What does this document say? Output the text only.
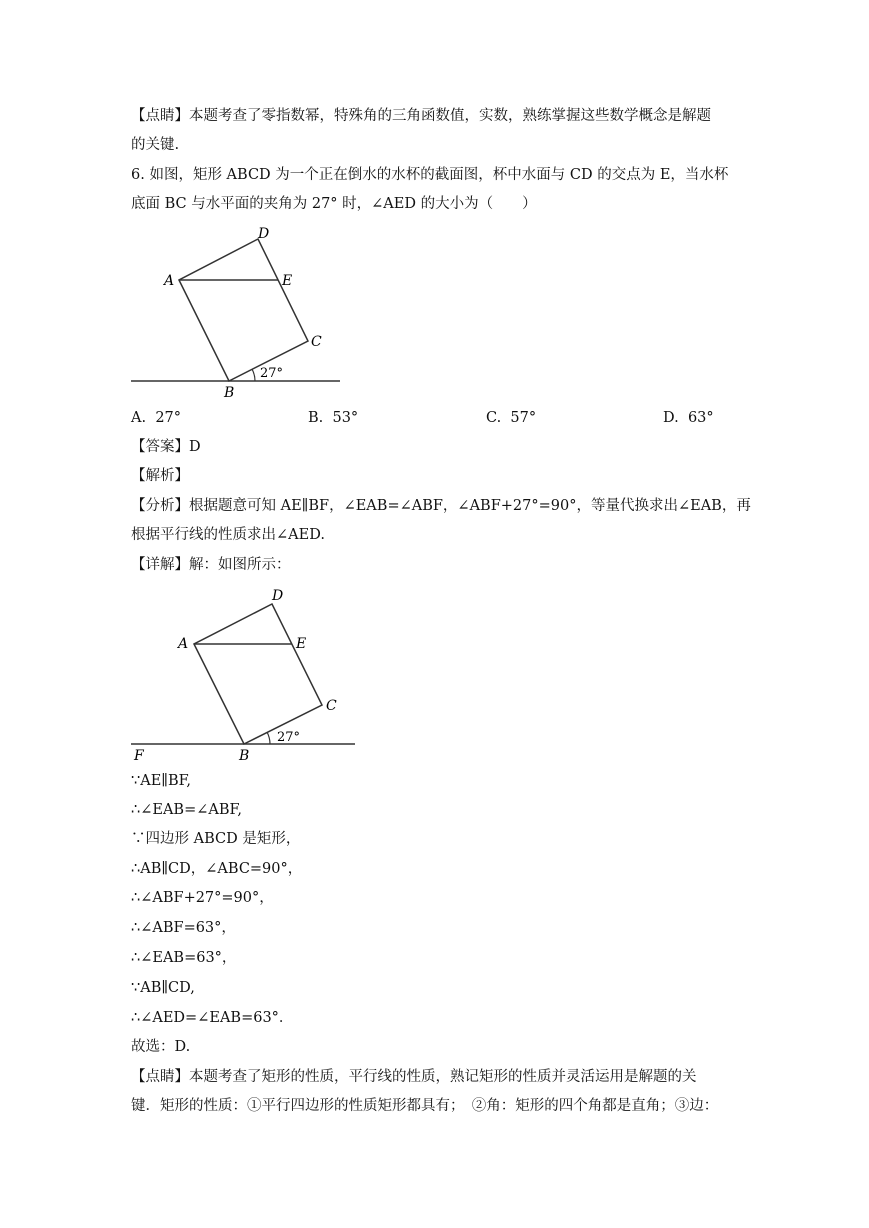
【点睛】本题考查了零指数幂，特殊角的三角函数值，实数，熟练掌握这些数学概念是解题
的关键.
6. 如图，矩形 ABCD 为一个正在倒水的水杯的截面图，杯中水面与 CD 的交点为 E，当水杯
底面 BC 与水平面的夹角为 27° 时，∠AED 的大小为（　　）
D
A	E
C
B
27°
A. 27°	B. 53°	C. 57°	D. 63°
【答案】D
【解析】
【分析】根据题意可知 AE∥BF，∠EAB=∠ABF，∠ABF+27°=90°，等量代换求出∠EAB，再
根据平行线的性质求出∠AED.
【详解】解：如图所示：
D
A	E
C
B
F
27°
∵AE∥BF,
∴∠EAB=∠ABF,
∵四边形 ABCD 是矩形，
∴AB∥CD，∠ABC=90°，
∴∠ABF+27°=90°，
∴∠ABF=63°，
∴∠EAB=63°，
∵AB∥CD,
∴∠AED=∠EAB=63°．
故选：D.
【点睛】本题考查了矩形的性质，平行线的性质，熟记矩形的性质并灵活运用是解题的关
键．矩形的性质：①平行四边形的性质矩形都具有；　②角：矩形的四个角都是直角；③边：
